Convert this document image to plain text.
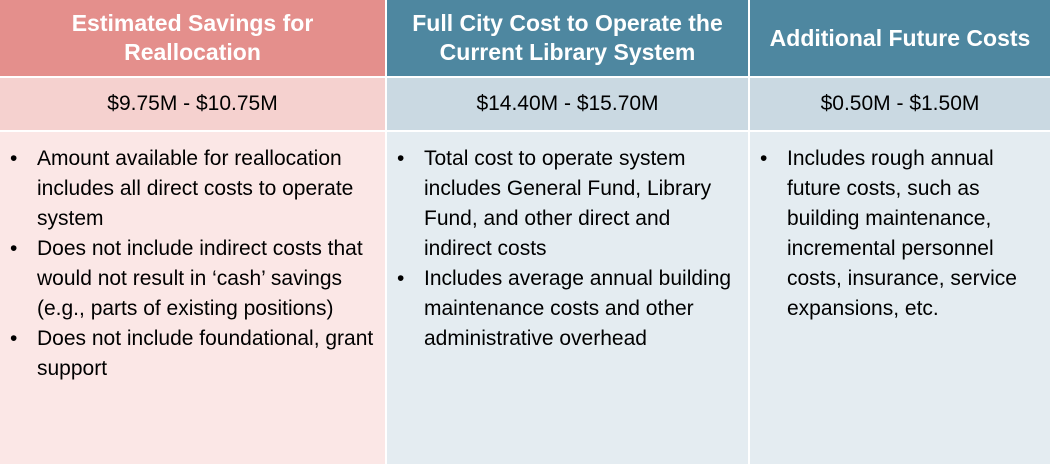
Estimated Savings for Reallocation
Full City Cost to Operate the Current Library System
Additional Future Costs
$9.75M - $10.75M	$14.40M - $15.70M	$0.50M - $1.50M
• Amount available for reallocation includes all direct costs to operate system
• Does not include indirect costs that would not result in ‘cash’ savings (e.g., parts of existing positions)
• Does not include foundational, grant support
• Total cost to operate system includes General Fund, Library Fund, and other direct and indirect costs
• Includes average annual building maintenance costs and other administrative overhead
• Includes rough annual future costs, such as building maintenance, incremental personnel costs, insurance, service expansions, etc.
